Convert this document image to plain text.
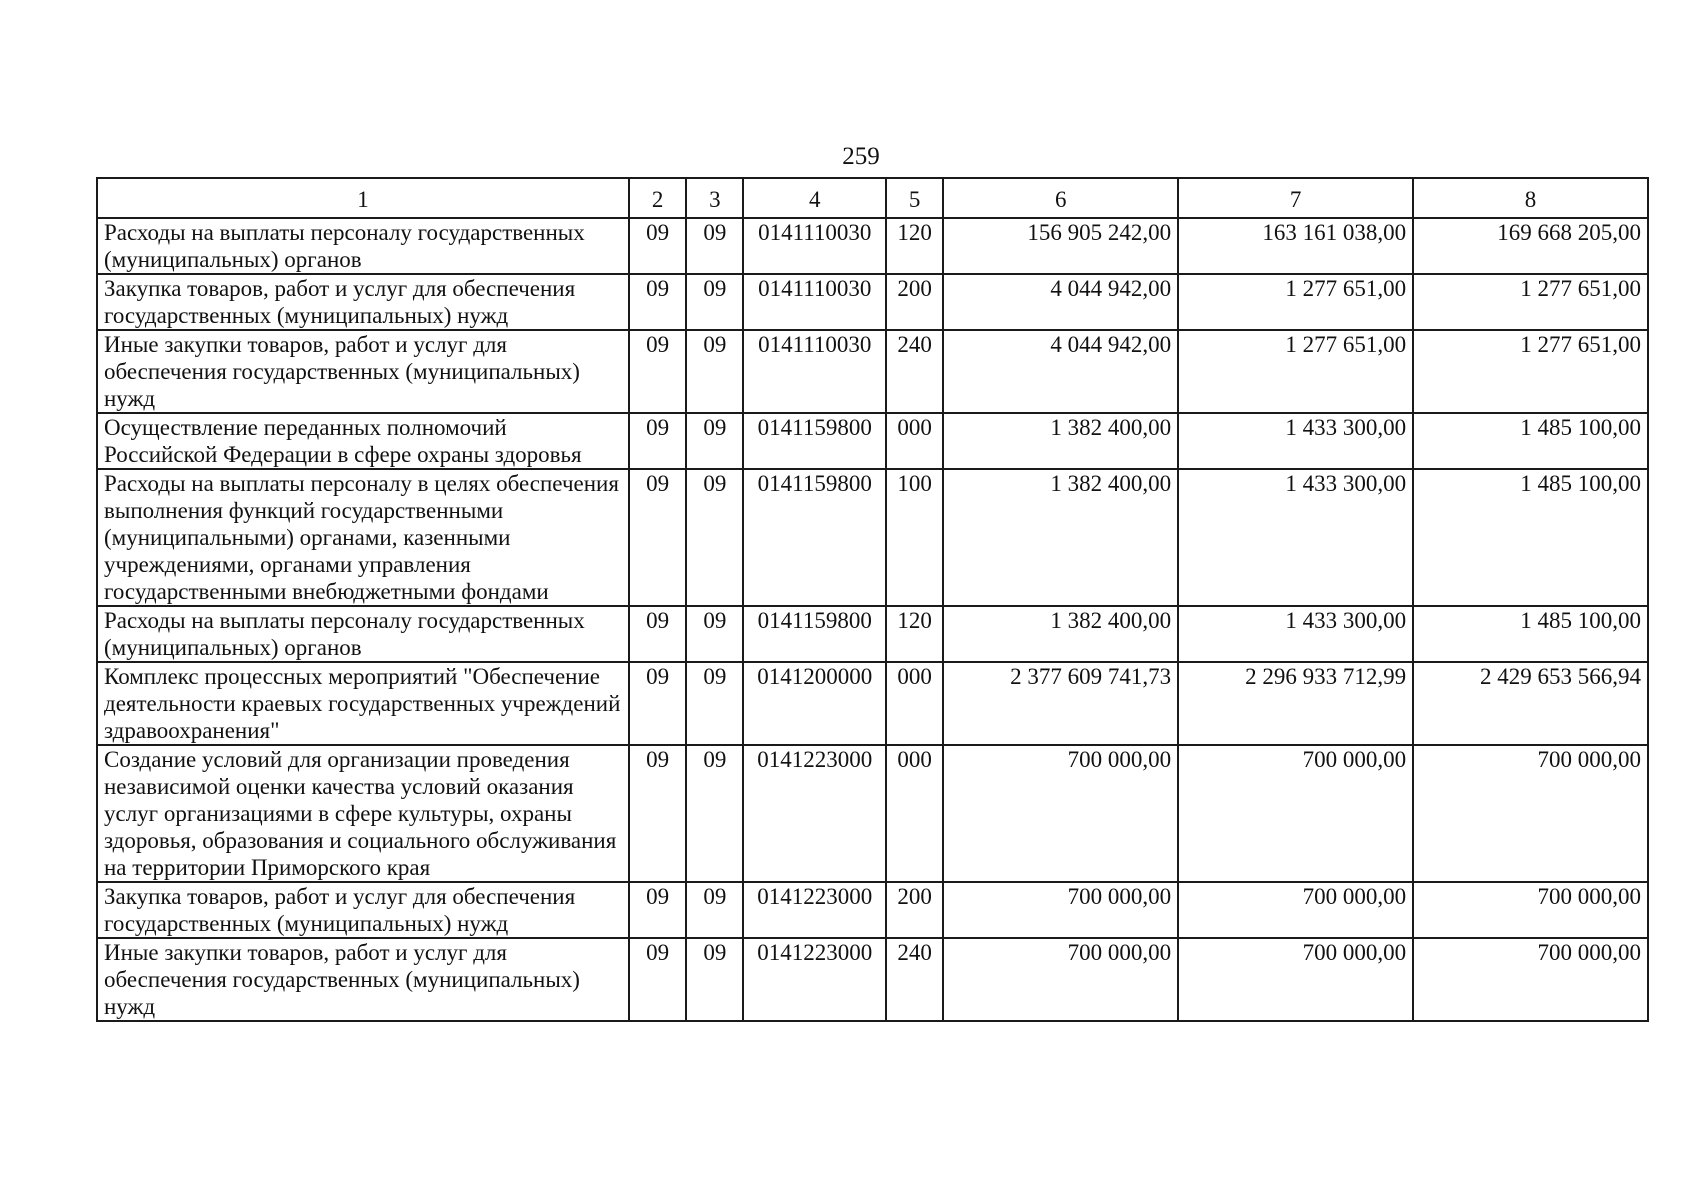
259
1	2	3	4	5	6	7	8
Расходы на выплаты персоналу государственных (муниципальных) органов	09	09	0141110030	120	156 905 242,00	163 161 038,00	169 668 205,00
Закупка товаров, работ и услуг для обеспечения государственных (муниципальных) нужд	09	09	0141110030	200	4 044 942,00	1 277 651,00	1 277 651,00
Иные закупки товаров, работ и услуг для обеспечения государственных (муниципальных) нужд	09	09	0141110030	240	4 044 942,00	1 277 651,00	1 277 651,00
Осуществление переданных полномочий Российской Федерации в сфере охраны здоровья	09	09	0141159800	000	1 382 400,00	1 433 300,00	1 485 100,00
Расходы на выплаты персоналу в целях обеспечения выполнения функций государственными (муниципальными) органами, казенными учреждениями, органами управления государственными внебюджетными фондами	09	09	0141159800	100	1 382 400,00	1 433 300,00	1 485 100,00
Расходы на выплаты персоналу государственных (муниципальных) органов	09	09	0141159800	120	1 382 400,00	1 433 300,00	1 485 100,00
Комплекс процессных мероприятий "Обеспечение деятельности краевых государственных учреждений здравоохранения"	09	09	0141200000	000	2 377 609 741,73	2 296 933 712,99	2 429 653 566,94
Создание условий для организации проведения независимой оценки качества условий оказания услуг организациями в сфере культуры, охраны здоровья, образования и социального обслуживания на территории Приморского края	09	09	0141223000	000	700 000,00	700 000,00	700 000,00
Закупка товаров, работ и услуг для обеспечения государственных (муниципальных) нужд	09	09	0141223000	200	700 000,00	700 000,00	700 000,00
Иные закупки товаров, работ и услуг для обеспечения государственных (муниципальных) нужд	09	09	0141223000	240	700 000,00	700 000,00	700 000,00
